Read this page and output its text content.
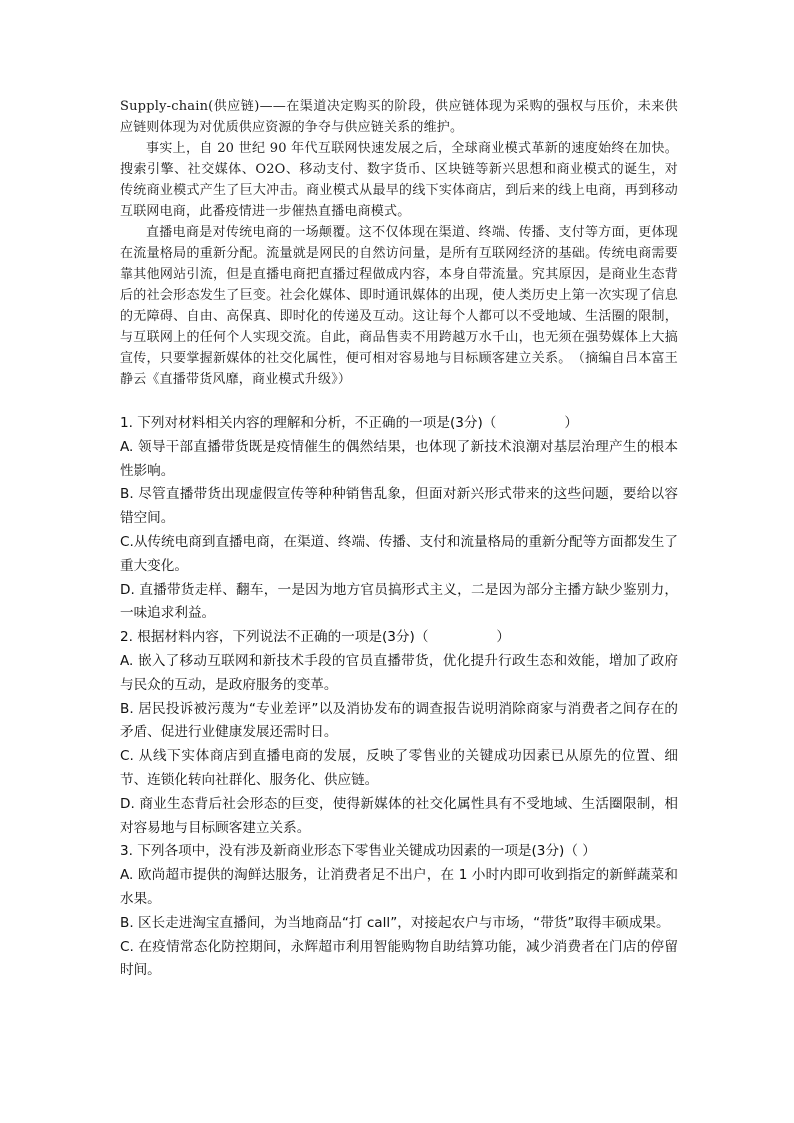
Supply-chain(供应链)——在渠道决定购买的阶段，供应链体现为采购的强权与压价，未来供应链则体现为对优质供应资源的争夺与供应链关系的维护。

事实上，自 20 世纪 90 年代互联网快速发展之后，全球商业模式革新的速度始终在加快。搜索引擎、社交媒体、O2O、移动支付、数字货币、区块链等新兴思想和商业模式的诞生，对传统商业模式产生了巨大冲击。商业模式从最早的线下实体商店，到后来的线上电商，再到移动互联网电商，此番疫情进一步催热直播电商模式。

直播电商是对传统电商的一场颠覆。这不仅体现在渠道、终端、传播、支付等方面，更体现在流量格局的重新分配。流量就是网民的自然访问量，是所有互联网经济的基础。传统电商需要靠其他网站引流，但是直播电商把直播过程做成内容，本身自带流量。究其原因，是商业生态背后的社会形态发生了巨变。社会化媒体、即时通讯媒体的出现，使人类历史上第一次实现了信息的无障碍、自由、高保真、即时化的传递及互动。这让每个人都可以不受地域、生活圈的限制，与互联网上的任何个人实现交流。自此，商品售卖不用跨越万水千山，也无须在强势媒体上大搞宣传，只要掌握新媒体的社交化属性，便可相对容易地与目标顾客建立关系。　（摘编自吕本富王静云《直播带货风靡，商业模式升级》）

1. 下列对材料相关内容的理解和分析，不正确的一项是(3分)（　　　　　）

A. 领导干部直播带货既是疫情催生的偶然结果，也体现了新技术浪潮对基层治理产生的根本性影响。

B. 尽管直播带货出现虚假宣传等种种销售乱象，但面对新兴形式带来的这些问题，要给以容错空间。

C.从传统电商到直播电商，在渠道、终端、传播、支付和流量格局的重新分配等方面都发生了重大变化。

D. 直播带货走样、翻车，一是因为地方官员搞形式主义，二是因为部分主播方缺少鉴别力，一味追求利益。

2. 根据材料内容，下列说法不正确的一项是(3分)（　　　　　）

A. 嵌入了移动互联网和新技术手段的官员直播带货，优化提升行政生态和效能，增加了政府与民众的互动，是政府服务的变革。

B. 居民投诉被污蔑为“专业差评”以及消协发布的调查报告说明消除商家与消费者之间存在的矛盾、促进行业健康发展还需时日。

C. 从线下实体商店到直播电商的发展，反映了零售业的关键成功因素已从原先的位置、细节、连锁化转向社群化、服务化、供应链。

D. 商业生态背后社会形态的巨变，使得新媒体的社交化属性具有不受地域、生活圈限制，相对容易地与目标顾客建立关系。

3. 下列各项中，没有涉及新商业形态下零售业关键成功因素的一项是(3分)（ ）

A. 欧尚超市提供的淘鲜达服务，让消费者足不出户，在 1 小时内即可收到指定的新鲜蔬菜和水果。

B. 区长走进淘宝直播间，为当地商品“打 call”，对接起农户与市场，“带货”取得丰硕成果。

C. 在疫情常态化防控期间，永辉超市利用智能购物自助结算功能，减少消费者在门店的停留时间。
